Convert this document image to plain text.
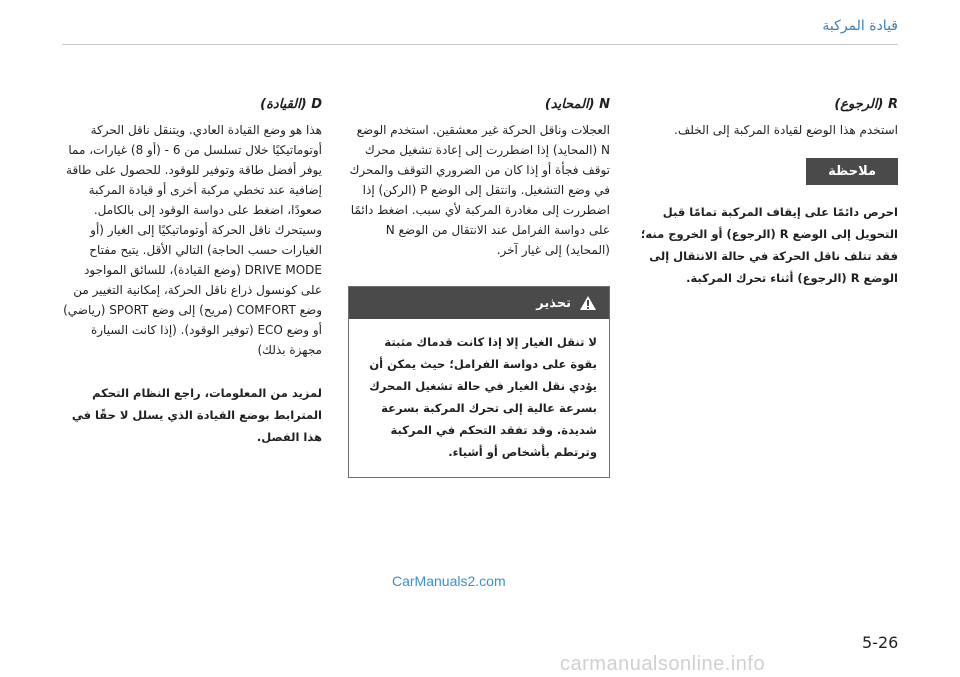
قيادة المركبة

R (الرجوع)

استخدم هذا الوضع لقيادة المركبة إلى الخلف.

ملاحظة

احرص دائمًا على إيقاف المركبة تمامًا قبل التحويل إلى الوضع R (الرجوع) أو الخروج منه؛ فقد تتلف ناقل الحركة في حالة الانتقال إلى الوضع R (الرجوع) أثناء تحرك المركبة.

N (المحايد)

العجلات وناقل الحركة غير معشقين. استخدم الوضع N (المحايد) إذا اضطررت إلى إعادة تشغيل محرك توقف فجأة أو إذا كان من الضروري التوقف والمحرك في وضع التشغيل. وانتقل إلى الوضع P (الركن) إذا اضطررت إلى مغادرة المركبة لأي سبب. اضغط دائمًا على دواسة الفرامل عند الانتقال من الوضع N (المحايد) إلى غيار آخر.

تحذير
لا تنقل الغيار إلا إذا كانت قدماك مثبتة بقوة على دواسة الفرامل؛ حيث يمكن أن يؤدي نقل الغيار في حالة تشغيل المحرك بسرعة عالية إلى تحرك المركبة بسرعة شديدة. وقد تفقد التحكم في المركبة وترتطم بأشخاص أو أشياء.

D (القيادة)

هذا هو وضع القيادة العادي. ويتنقل ناقل الحركة أوتوماتيكيًا خلال تسلسل من 6 - (أو 8) غيارات، مما يوفر أفضل طاقة وتوفير للوقود. للحصول على طاقة إضافية عند تخطي مركبة أخرى أو قيادة المركبة صعودًا، اضغط على دواسة الوقود إلى بالكامل. وسيتحرك ناقل الحركة أوتوماتيكيًا إلى الغيار (أو الغيارات حسب الحاجة) التالي الأقل. يتيح مفتاح DRIVE MODE (وضع القيادة)، للسائق المواجود على كونسول ذراع ناقل الحركة، إمكانية التغيير من وضع COMFORT (مريح) إلى وضع SPORT (رياضي) أو وضع ECO (توفير الوقود). (إذا كانت السيارة مجهزة بذلك)

لمزيد من المعلومات، راجع النظام التحكم المترابط بوضع القيادة الذي يسلل لا حقًا في هذا الفصل.

CarManuals2.com
5-26
carmanualsonline.info
